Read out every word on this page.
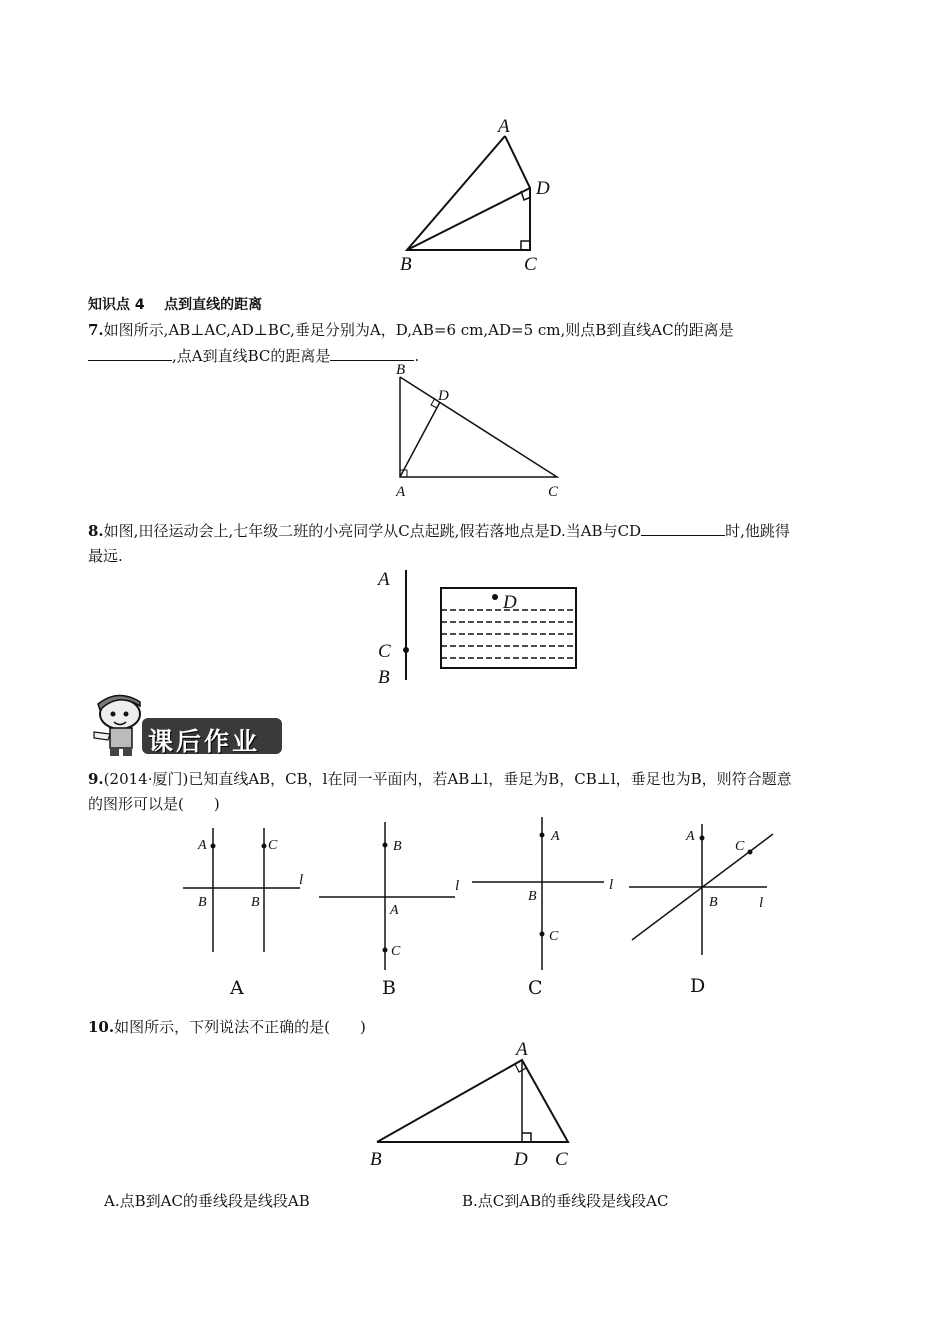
A
D
B	C
知识点 4 点到直线的距离
7.如图所示,AB⊥AC,AD⊥BC,垂足分别为A，D,AB=6 cm,AD=5 cm,则点B到直线AC的距离是
,点A到直线BC的距离是	.
B
D
A	C
8.如图,田径运动会上,七年级二班的小亮同学从C点起跳,假若落地点是D.当AB与CD	时,他跳得
最远.
A
C
B
D
课后作业
9.(2014·厦门)已知直线AB，CB，l在同一平面内，若AB⊥l，垂足为B，CB⊥l，垂足也为B，则符合题意
的图形可以是(　　)
A	C
B	B
l
B
A
C
l
A
B
C
l
A
C
B	l
A	B	C	D
10.如图所示，下列说法不正确的是(　　)
A
B	D C
A.点B到AC的垂线段是线段AB	B.点C到AB的垂线段是线段AC
